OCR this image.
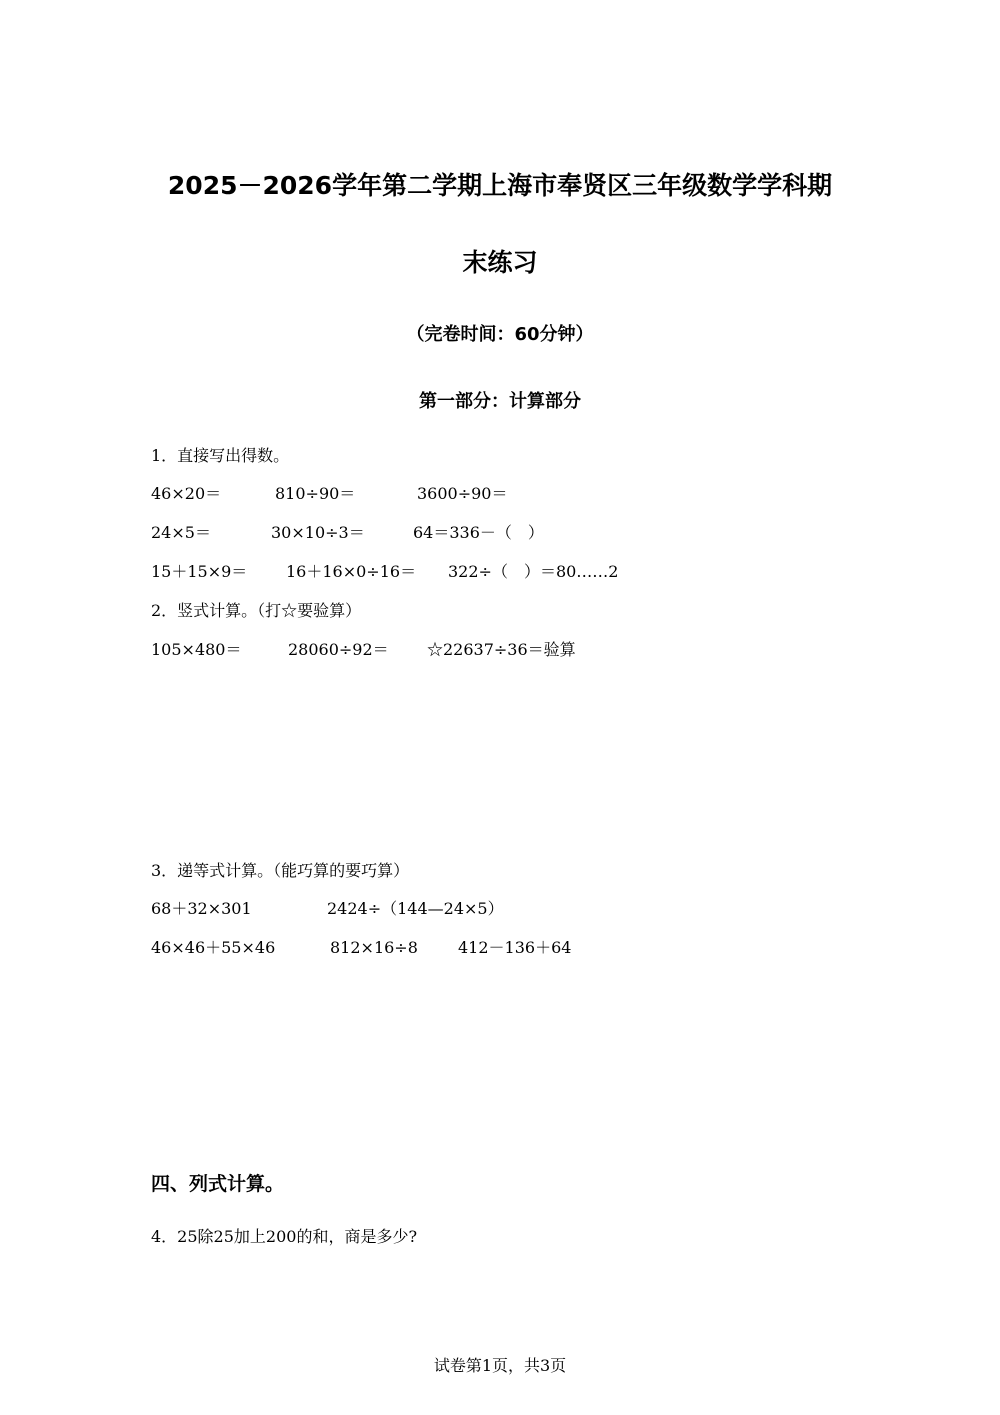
2025－2026学年第二学期上海市奉贤区三年级数学学科期
末练习
（完卷时间：60分钟）
第一部分：计算部分
1．直接写出得数。
46×20＝	810÷90＝	3600÷90＝
24×5＝	30×10÷3＝	64＝336－（　）
15＋15×9＝ 16＋16×0÷16＝ 322÷（　）＝80……2
2．竖式计算。（打☆要验算）
105×480＝	28060÷92＝ ☆22637÷36＝验算
3．递等式计算。（能巧算的要巧算）
68＋32×301	2424÷（144—24×5）
46×46＋55×46	812×16÷8	412－136＋64
四、列式计算。
4．25除25加上200的和，商是多少?
试卷第1页，共3页
